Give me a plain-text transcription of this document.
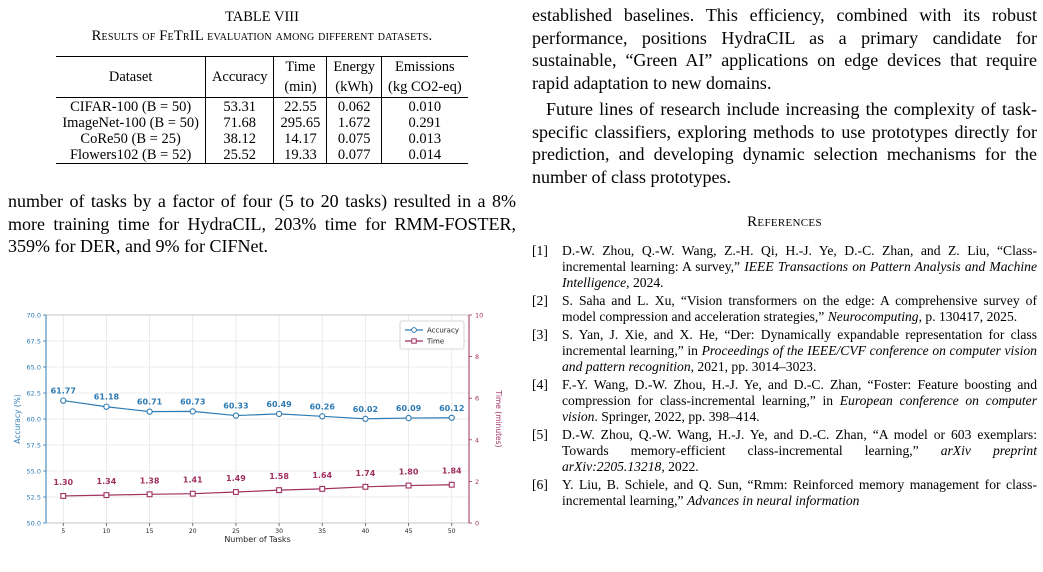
TABLE VIII
Results of FeTrIL evaluation among different datasets.
Dataset	Accuracy	Time	Energy	Emissions
		(min)	(kWh)	(kg CO2-eq)
CIFAR-100 (B = 50)	53.31	22.55	0.062	0.010
ImageNet-100 (B = 50)	71.68	295.65	1.672	0.291
CoRe50 (B = 25)	38.12	14.17	0.075	0.013
Flowers102 (B = 52)	25.52	19.33	0.077	0.014
number of tasks by a factor of four (5 to 20 tasks) resulted in a 8% more training time for HydraCIL, 203% time for RMM-FOSTER, 359% for DER, and 9% for CIFNet.
50.0
52.5
55.0
57.5
60.0
62.5
65.0
67.5
70.0
0
2
4
6
8
10
5	10	15	20	25	30	35	40	45	50
Number of Tasks
Accuracy (%)	Time (minutes)
61.77
61.18
60.71 60.73 60.33 60.49 60.26 60.02 60.09 60.12
1.30	1.34	1.38	1.41	1.49	1.58	1.64	1.74	1.80	1.84
Accuracy
Time
established baselines. This efficiency, combined with its robust performance, positions HydraCIL as a primary candidate for sustainable, “Green AI” applications on edge devices that require rapid adaptation to new domains.
Future lines of research include increasing the complexity of task-specific classifiers, exploring methods to use prototypes directly for prediction, and developing dynamic selection mechanisms for the number of class prototypes.
References
[1]	D.-W. Zhou, Q.-W. Wang, Z.-H. Qi, H.-J. Ye, D.-C. Zhan, and Z. Liu, “Class-incremental learning: A survey,” IEEE Transactions on Pattern Analysis and Machine Intelligence, 2024.
[2]	S. Saha and L. Xu, “Vision transformers on the edge: A comprehensive survey of model compression and acceleration strategies,” Neurocomputing, p. 130417, 2025.
[3]	S. Yan, J. Xie, and X. He, “Der: Dynamically expandable representation for class incremental learning,” in Proceedings of the IEEE/CVF conference on computer vision and pattern recognition, 2021, pp. 3014–3023.
[4]	F.-Y. Wang, D.-W. Zhou, H.-J. Ye, and D.-C. Zhan, “Foster: Feature boosting and compression for class-incremental learning,” in European conference on computer vision. Springer, 2022, pp. 398–414.
[5]	D.-W. Zhou, Q.-W. Wang, H.-J. Ye, and D.-C. Zhan, “A model or 603 exemplars: Towards memory-efficient class-incremental learning,” arXiv preprint arXiv:2205.13218, 2022.
[6]	Y. Liu, B. Schiele, and Q. Sun, “Rmm: Reinforced memory management for class-incremental learning,” Advances in neural information
